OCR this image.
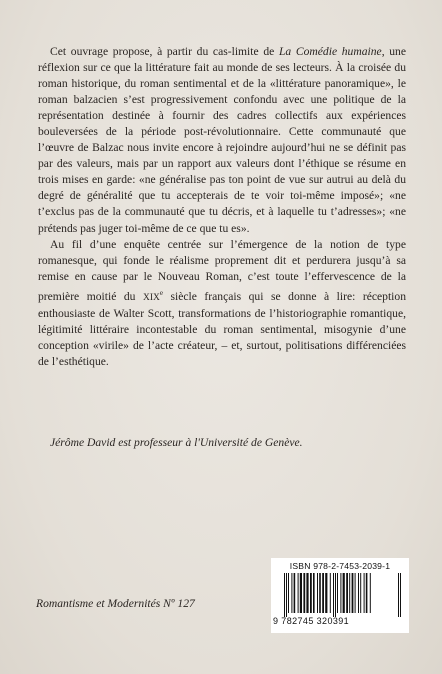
Cet ouvrage propose, à partir du cas-limite de La Comédie humaine, une réflexion sur ce que la littérature fait au monde de ses lecteurs. À la croisée du roman historique, du roman sentimental et de la «littérature panoramique», le roman balzacien s’est progressivement confondu avec une politique de la représentation destinée à fournir des cadres collectifs aux expériences bouleversées de la période post-révolutionnaire. Cette communauté que l’œuvre de Balzac nous invite encore à rejoindre aujourd’hui ne se définit pas par des valeurs, mais par un rapport aux valeurs dont l’éthique se résume en trois mises en garde: «ne généralise pas ton point de vue sur autrui au delà du degré de généralité que tu accepterais de te voir toi-même imposé»; «ne t’exclus pas de la communauté que tu décris, et à laquelle tu t’adresses»; «ne prétends pas juger toi-même de ce que tu es».

Au fil d’une enquête centrée sur l’émergence de la notion de type romanesque, qui fonde le réalisme proprement dit et perdurera jusqu’à sa remise en cause par le Nouveau Roman, c’est toute l’effervescence de la première moitié du XIXe siècle français qui se donne à lire: réception enthousiaste de Walter Scott, transformations de l’historiographie romantique, légitimité littéraire incontestable du roman sentimental, misogynie d’une conception «virile» de l’acte créateur, – et, surtout, politisations différenciées de l’esthétique.

Jérôme David est professeur à l'Université de Genève.
ISBN 978-2-7453-2039-1
9 782745 320391
Romantisme et Modernités Nº 127
